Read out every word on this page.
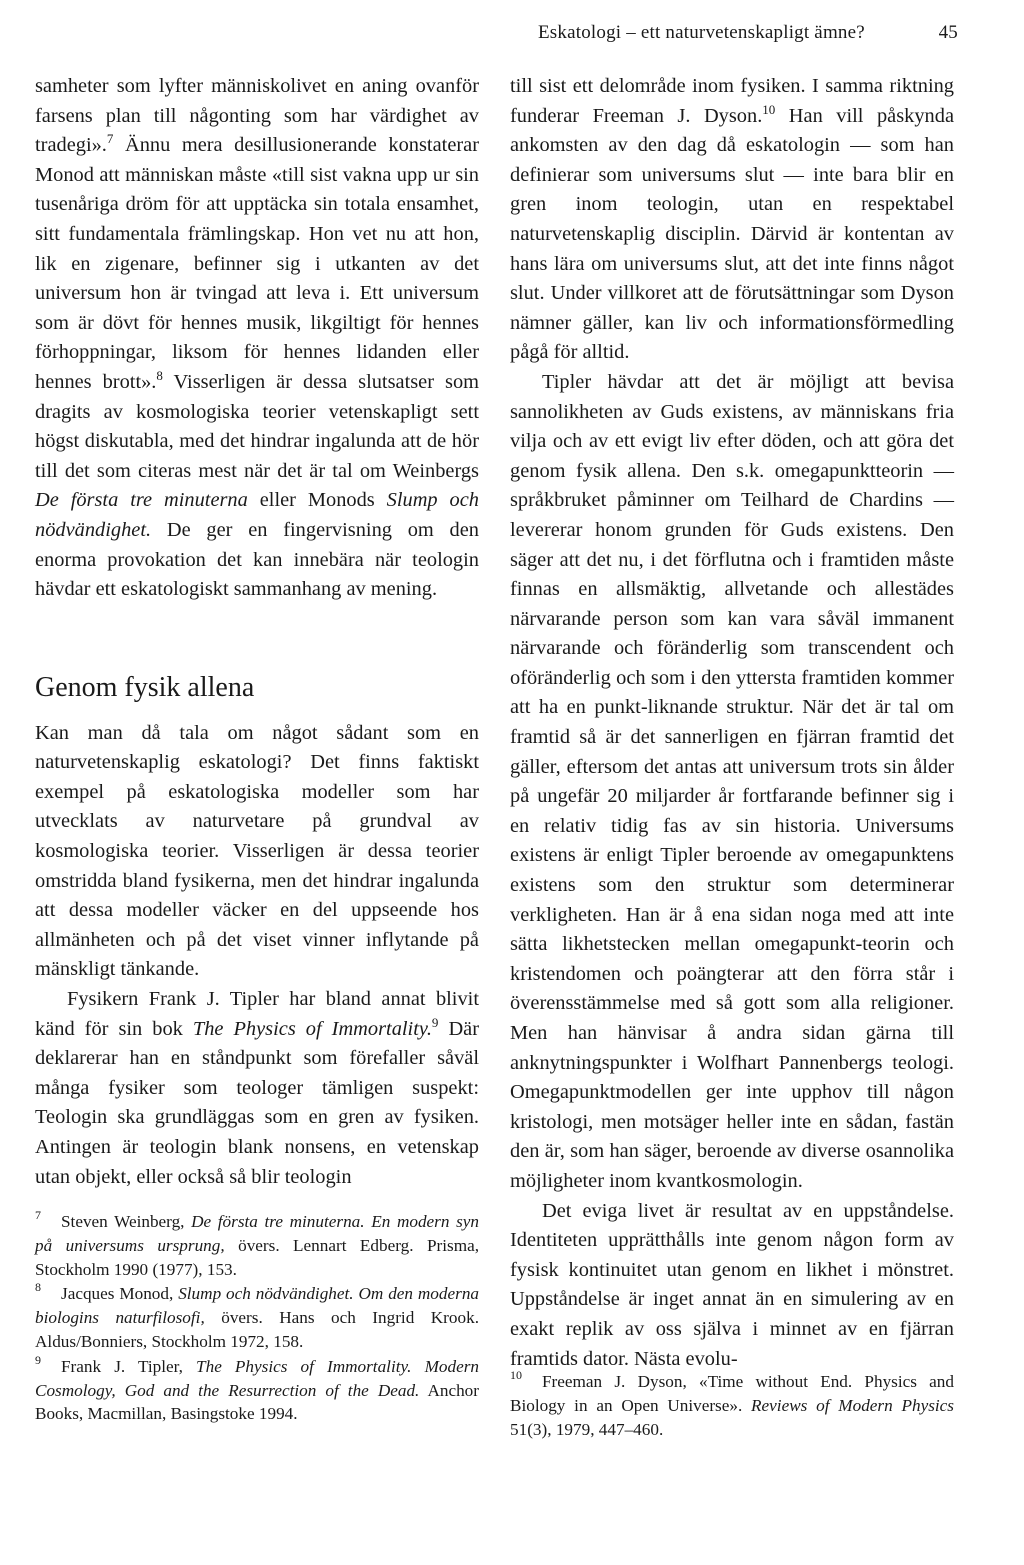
Eskatologi – ett naturvetenskapligt ämne?	45

samheter som lyfter människolivet en aning ovanför farsens plan till någonting som har värdighet av tradegi».$^7$ Ännu mera desillusionerande konstaterar Monod att människan måste «till sist vakna upp ur sin tusenåriga dröm för att upptäcka sin totala ensamhet, sitt fundamentala främlingskap. Hon vet nu att hon, lik en zigenare, befinner sig i utkanten av det universum hon är tvingad att leva i. Ett universum som är dövt för hennes musik, likgiltigt för hennes förhoppningar, liksom för hennes lidanden eller hennes brott».$^8$ Visserligen är dessa slutsatser som dragits av kosmologiska teorier vetenskapligt sett högst diskutabla, med det hindrar ingalunda att de hör till det som citeras mest när det är tal om Weinbergs De första tre minuterna eller Monods Slump och nödvändighet. De ger en fingervisning om den enorma provokation det kan innebära när teologin hävdar ett eskatologiskt sammanhang av mening.

Genom fysik allena

Kan man då tala om något sådant som en naturvetenskaplig eskatologi? Det finns faktiskt exempel på eskatologiska modeller som har utvecklats av naturvetare på grundval av kosmologiska teorier. Visserligen är dessa teorier omstridda bland fysikerna, men det hindrar ingalunda att dessa modeller väcker en del uppseende hos allmänheten och på det viset vinner inflytande på mänskligt tänkande.

Fysikern Frank J. Tipler har bland annat blivit känd för sin bok The Physics of Immortality.$^9$ Där deklarerar han en ståndpunkt som förefaller såväl många fysiker som teologer tämligen suspekt: Teologin ska grundläggas som en gren av fysiken. Antingen är teologin blank nonsens, en vetenskap utan objekt, eller också så blir teologin

$^7$ Steven Weinberg, De första tre minuterna. En modern syn på universums ursprung, övers. Lennart Edberg. Prisma, Stockholm 1990 (1977), 153.

$^8$ Jacques Monod, Slump och nödvändighet. Om den moderna biologins naturfilosofi, övers. Hans och Ingrid Krook. Aldus/Bonniers, Stockholm 1972, 158.

$^9$ Frank J. Tipler, The Physics of Immortality. Modern Cosmology, God and the Resurrection of the Dead. Anchor Books, Macmillan, Basingstoke 1994.

till sist ett delområde inom fysiken. I samma riktning funderar Freeman J. Dyson.$^{10}$ Han vill påskynda ankomsten av den dag då eskatologin — som han definierar som universums slut — inte bara blir en gren inom teologin, utan en respektabel naturvetenskaplig disciplin. Därvid är kontentan av hans lära om universums slut, att det inte finns något slut. Under villkoret att de förutsättningar som Dyson nämner gäller, kan liv och informationsförmedling pågå för alltid.

Tipler hävdar att det är möjligt att bevisa sannolikheten av Guds existens, av människans fria vilja och av ett evigt liv efter döden, och att göra det genom fysik allena. Den s.k. omegapunktteorin — språkbruket påminner om Teilhard de Chardins — levererar honom grunden för Guds existens. Den säger att det nu, i det förflutna och i framtiden måste finnas en allsmäktig, allvetande och allestädes närvarande person som kan vara såväl immanent närvarande och föränderlig som transcendent och oföränderlig och som i den yttersta framtiden kommer att ha en punkt-liknande struktur. När det är tal om framtid så är det sannerligen en fjärran framtid det gäller, eftersom det antas att universum trots sin ålder på ungefär 20 miljarder år fortfarande befinner sig i en relativ tidig fas av sin historia. Universums existens är enligt Tipler beroende av omegapunktens existens som den struktur som determinerar verkligheten. Han är å ena sidan noga med att inte sätta likhetstecken mellan omegapunkt-teorin och kristendomen och poängterar att den förra står i överensstämmelse med så gott som alla religioner. Men han hänvisar å andra sidan gärna till anknytningspunkter i Wolfhart Pannenbergs teologi. Omegapunktmodellen ger inte upphov till någon kristologi, men motsäger heller inte en sådan, fastän den är, som han säger, beroende av diverse osannolika möjligheter inom kvantkosmologin.

Det eviga livet är resultat av en uppståndelse. Identiteten upprätthålls inte genom någon form av fysisk kontinuitet utan genom en likhet i mönstret. Uppståndelse är inget annat än en simulering av en exakt replik av oss själva i minnet av en fjärran framtids dator. Nästa evolu-

$^{10}$ Freeman J. Dyson, «Time without End. Physics and Biology in an Open Universe». Reviews of Modern Physics 51(3), 1979, 447–460.
